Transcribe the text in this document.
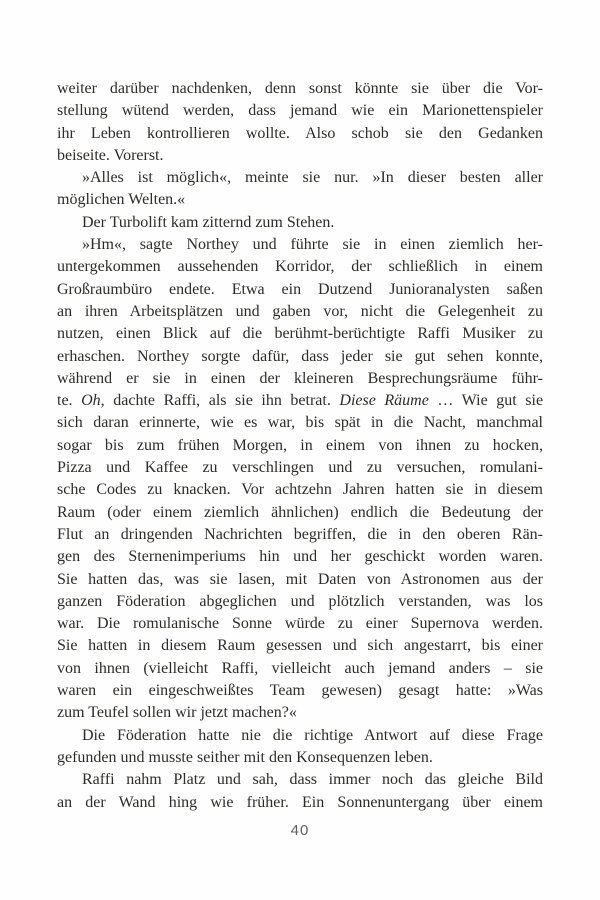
weiter darüber nachdenken, denn sonst könnte sie über die Vor-
stellung wütend werden, dass jemand wie ein Marionettenspieler
ihr Leben kontrollieren wollte. Also schob sie den Gedanken
beiseite. Vorerst.
»Alles ist möglich«, meinte sie nur. »In dieser besten aller
möglichen Welten.«
Der Turbolift kam zitternd zum Stehen.
»Hm«, sagte Northey und führte sie in einen ziemlich her-
untergekommen aussehenden Korridor, der schließlich in einem
Großraumbüro endete. Etwa ein Dutzend Junioranalysten saßen
an ihren Arbeitsplätzen und gaben vor, nicht die Gelegenheit zu
nutzen, einen Blick auf die berühmt-berüchtigte Raffi Musiker zu
erhaschen. Northey sorgte dafür, dass jeder sie gut sehen konnte,
während er sie in einen der kleineren Besprechungsräume führ-
te. Oh, dachte Raffi, als sie ihn betrat. Diese Räume … Wie gut sie
sich daran erinnerte, wie es war, bis spät in die Nacht, manchmal
sogar bis zum frühen Morgen, in einem von ihnen zu hocken,
Pizza und Kaffee zu verschlingen und zu versuchen, romulani-
sche Codes zu knacken. Vor achtzehn Jahren hatten sie in diesem
Raum (oder einem ziemlich ähnlichen) endlich die Bedeutung der
Flut an dringenden Nachrichten begriffen, die in den oberen Rän-
gen des Sternenimperiums hin und her geschickt worden waren.
Sie hatten das, was sie lasen, mit Daten von Astronomen aus der
ganzen Föderation abgeglichen und plötzlich verstanden, was los
war. Die romulanische Sonne würde zu einer Supernova werden.
Sie hatten in diesem Raum gesessen und sich angestarrt, bis einer
von ihnen (vielleicht Raffi, vielleicht auch jemand anders – sie
waren ein eingeschweißtes Team gewesen) gesagt hatte: »Was
zum Teufel sollen wir jetzt machen?«
Die Föderation hatte nie die richtige Antwort auf diese Frage
gefunden und musste seither mit den Konsequenzen leben.
Raffi nahm Platz und sah, dass immer noch das gleiche Bild
an der Wand hing wie früher. Ein Sonnenuntergang über einem
40
